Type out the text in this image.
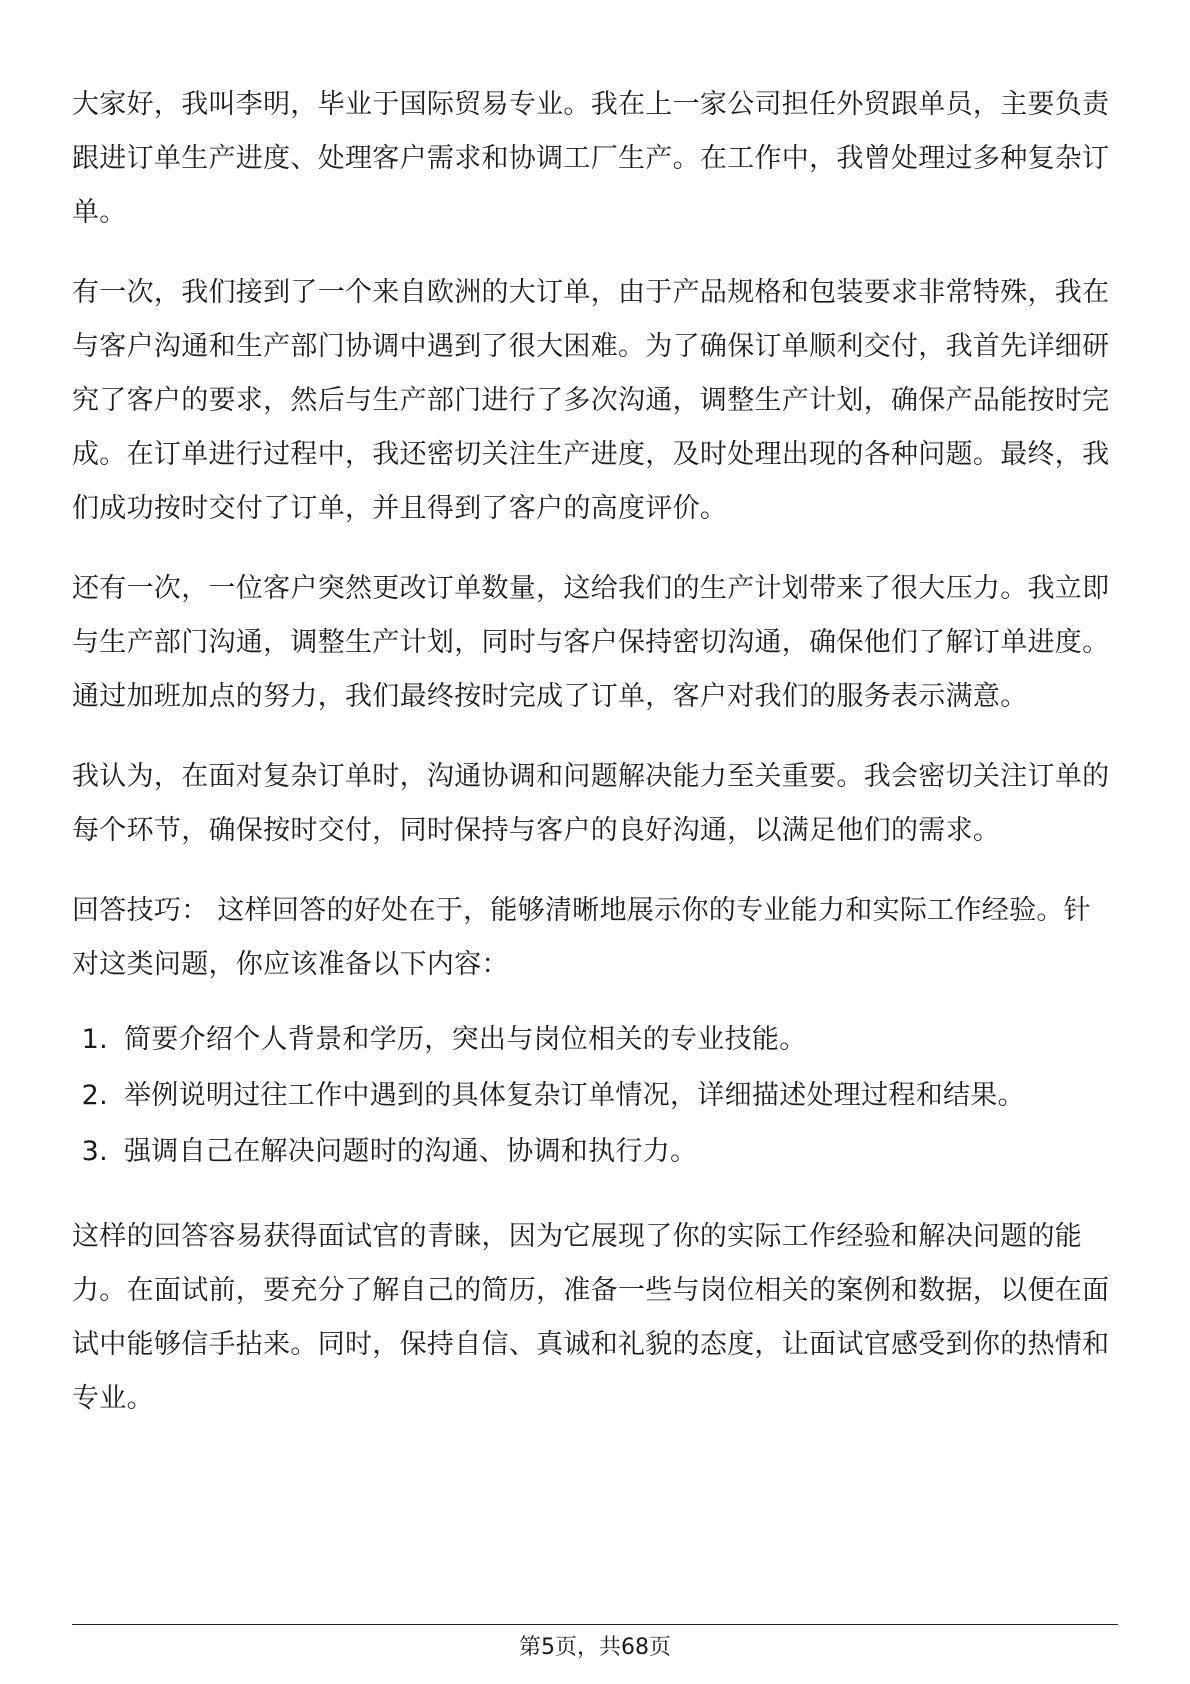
大家好，我叫李明，毕业于国际贸易专业。我在上一家公司担任外贸跟单员，主要负责跟进订单生产进度、处理客户需求和协调工厂生产。在工作中，我曾处理过多种复杂订单。

有一次，我们接到了一个来自欧洲的大订单，由于产品规格和包装要求非常特殊，我在与客户沟通和生产部门协调中遇到了很大困难。为了确保订单顺利交付，我首先详细研究了客户的要求，然后与生产部门进行了多次沟通，调整生产计划，确保产品能按时完成。在订单进行过程中，我还密切关注生产进度，及时处理出现的各种问题。最终，我们成功按时交付了订单，并且得到了客户的高度评价。

还有一次，一位客户突然更改订单数量，这给我们的生产计划带来了很大压力。我立即与生产部门沟通，调整生产计划，同时与客户保持密切沟通，确保他们了解订单进度。通过加班加点的努力，我们最终按时完成了订单，客户对我们的服务表示满意。

我认为，在面对复杂订单时，沟通协调和问题解决能力至关重要。我会密切关注订单的每个环节，确保按时交付，同时保持与客户的良好沟通，以满足他们的需求。

回答技巧： 这样回答的好处在于，能够清晰地展示你的专业能力和实际工作经验。针对这类问题，你应该准备以下内容：

1. 简要介绍个人背景和学历，突出与岗位相关的专业技能。
2. 举例说明过往工作中遇到的具体复杂订单情况，详细描述处理过程和结果。
3. 强调自己在解决问题时的沟通、协调和执行力。

这样的回答容易获得面试官的青睐，因为它展现了你的实际工作经验和解决问题的能力。在面试前，要充分了解自己的简历，准备一些与岗位相关的案例和数据，以便在面试中能够信手拈来。同时，保持自信、真诚和礼貌的态度，让面试官感受到你的热情和专业。

第5页，共68页
